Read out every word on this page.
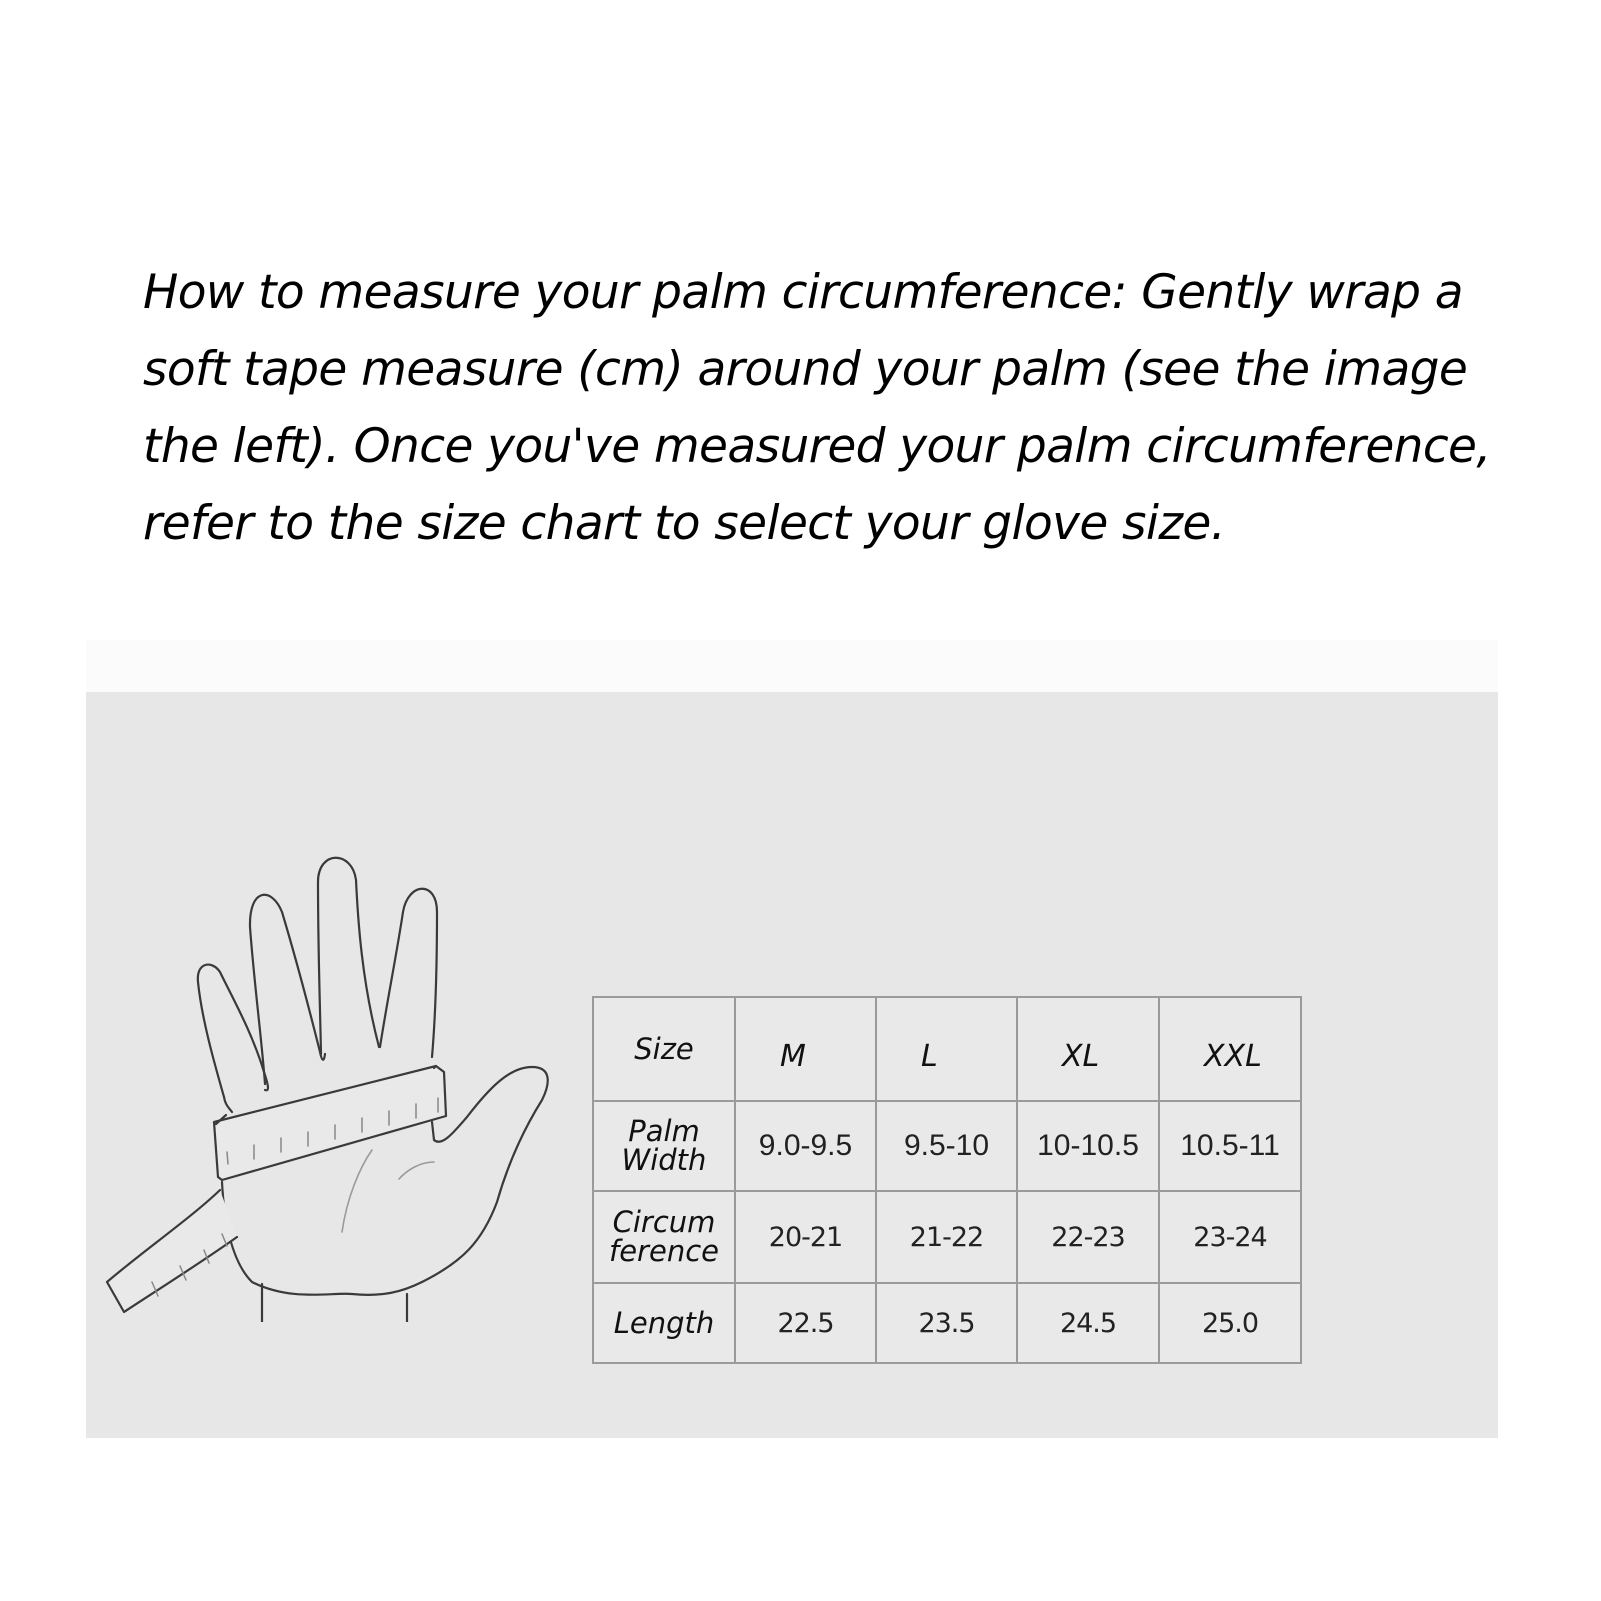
How to measure your palm circumference: Gently wrap a soft tape measure (cm) around your palm (see the image the left). Once you've measured your palm circumference, refer to the size chart to select your glove size.
Size	M	L	XL	XXL

Palm
Width	9.0-9.5	9.5-10	10-10.5	10.5-11

Circum
ference	20-21	21-22	22-23	23-24
Length	22.5	23.5	24.5	25.0
